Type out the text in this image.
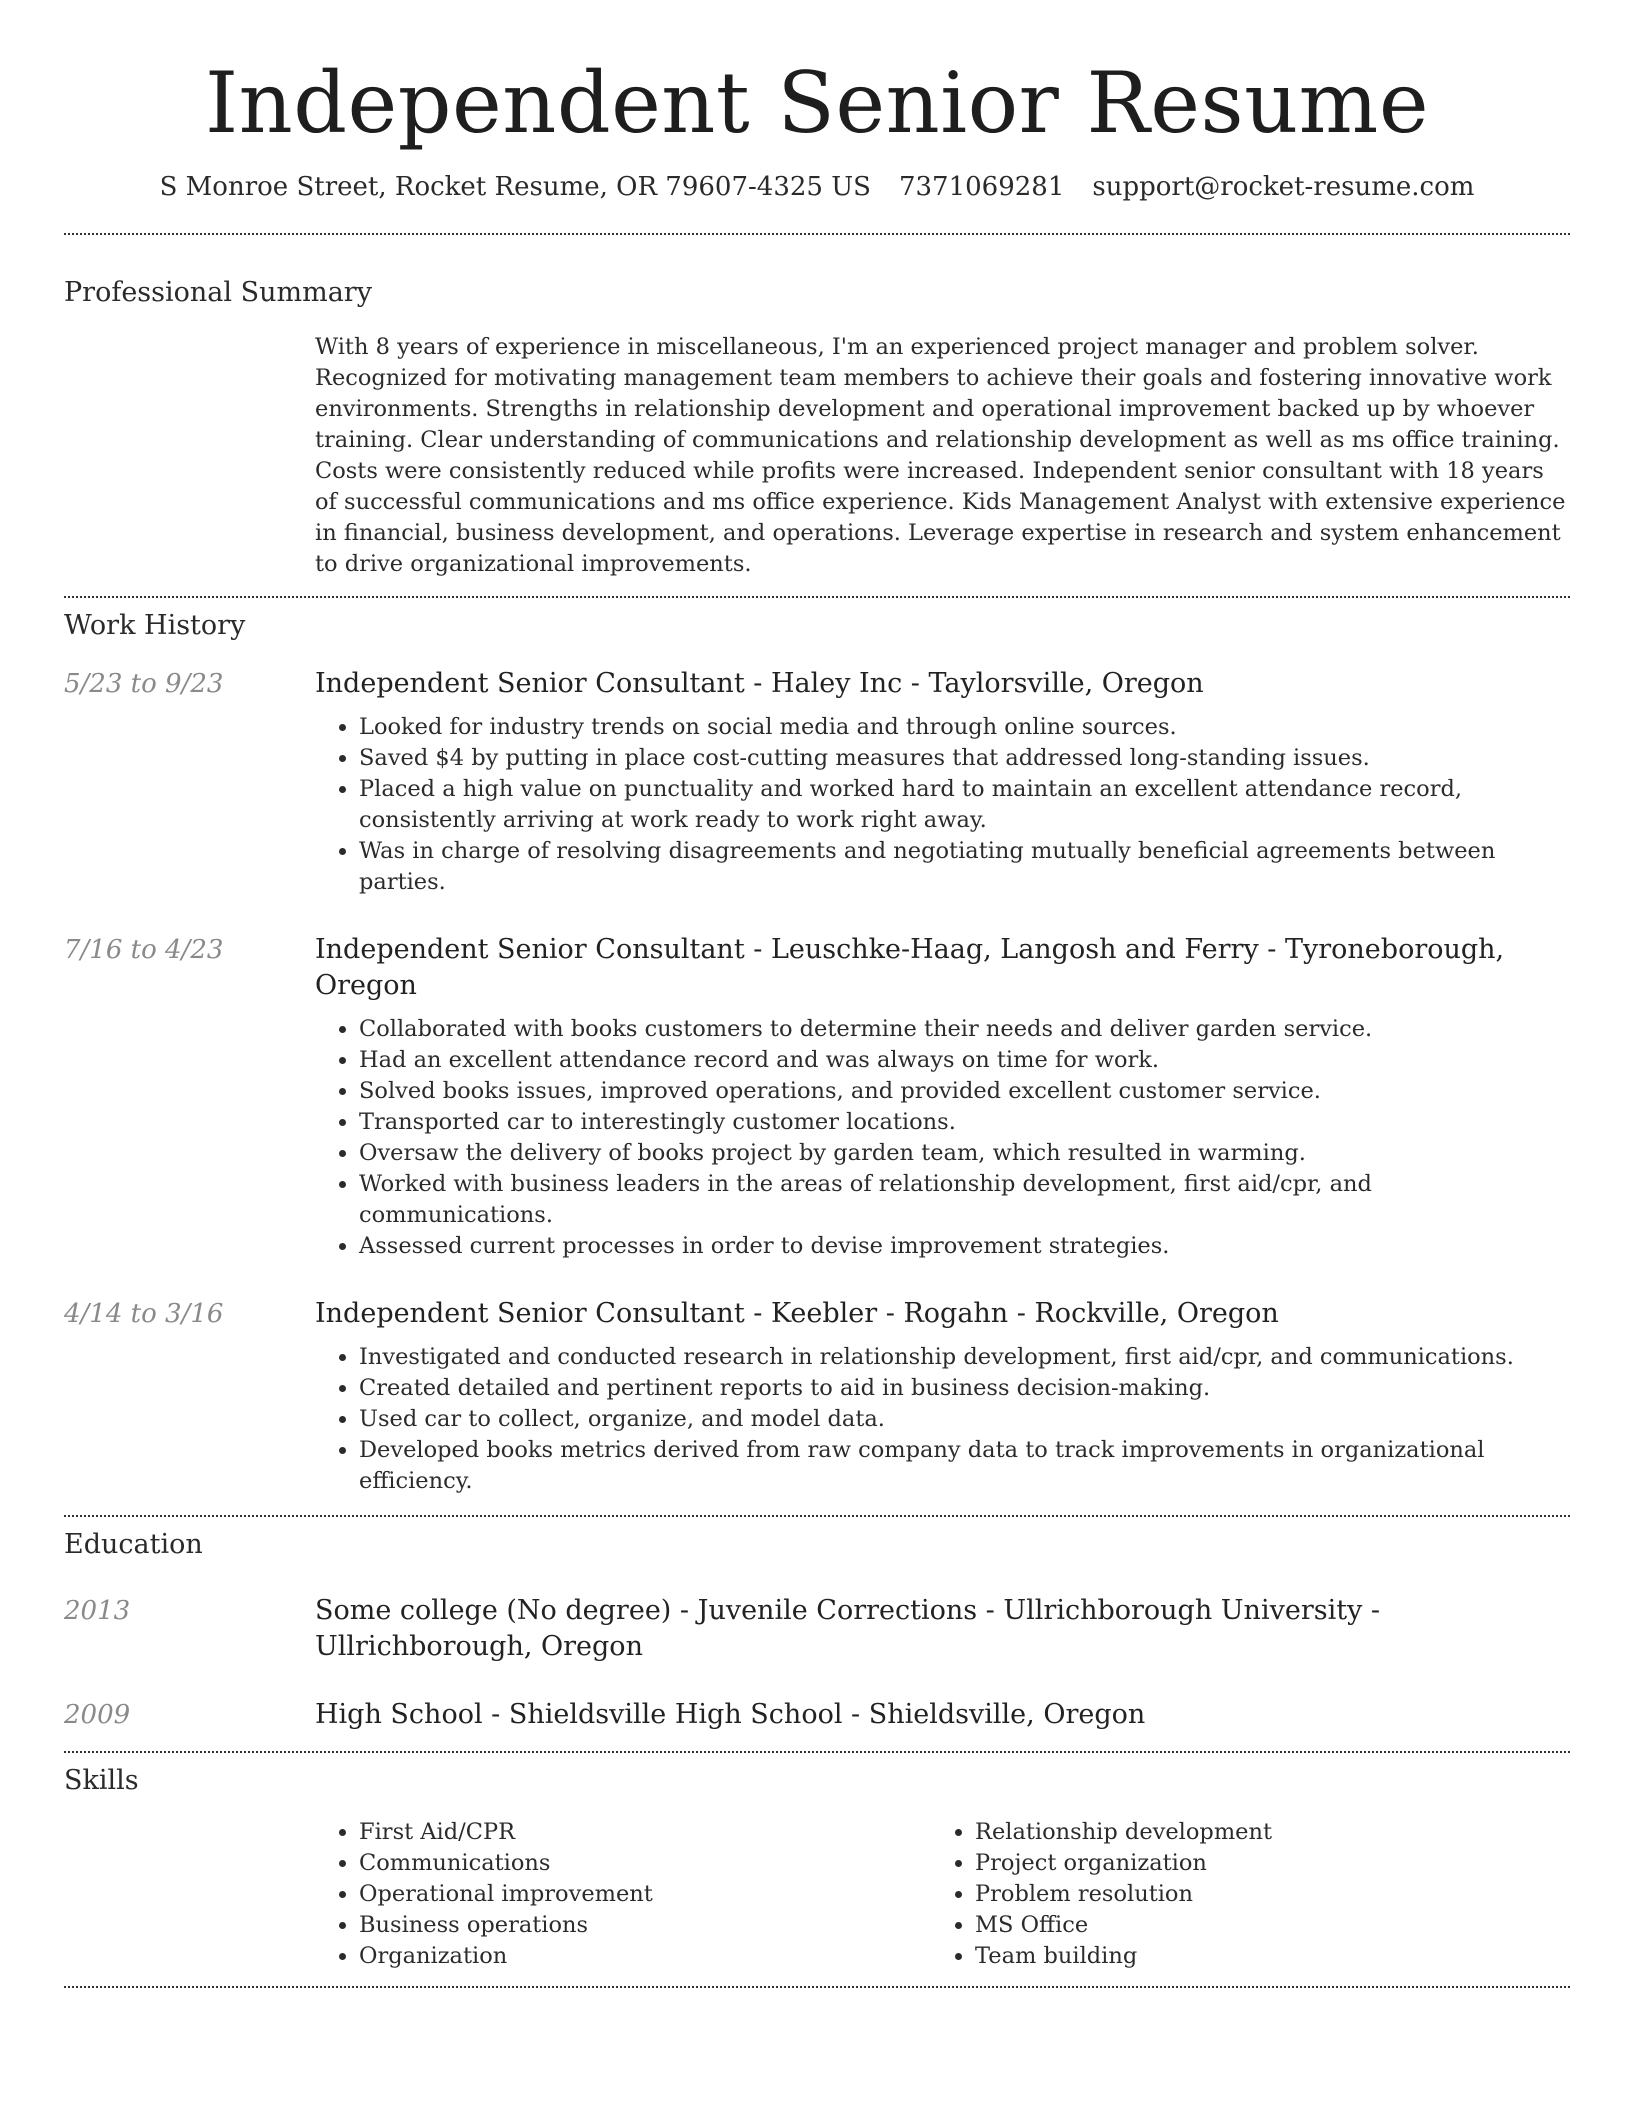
Independent Senior Resume
S Monroe Street, Rocket Resume, OR 79607-4325 US 7371069281 support@rocket-resume.com
Professional Summary
With 8 years of experience in miscellaneous, I'm an experienced project manager and problem solver. Recognized for motivating management team members to achieve their goals and fostering innovative work environments. Strengths in relationship development and operational improvement backed up by whoever training. Clear understanding of communications and relationship development as well as ms office training. Costs were consistently reduced while profits were increased. Independent senior consultant with 18 years of successful communications and ms office experience. Kids Management Analyst with extensive experience in financial, business development, and operations. Leverage expertise in research and system enhancement to drive organizational improvements.
Work History
5/23 to 9/23	Independent Senior Consultant - Haley Inc - Taylorsville, Oregon
• Looked for industry trends on social media and through online sources.
• Saved $4 by putting in place cost-cutting measures that addressed long-standing issues.
• Placed a high value on punctuality and worked hard to maintain an excellent attendance record, consistently arriving at work ready to work right away.
• Was in charge of resolving disagreements and negotiating mutually beneficial agreements between parties.
7/16 to 4/23	Independent Senior Consultant - Leuschke-Haag, Langosh and Ferry - Tyroneborough, Oregon
• Collaborated with books customers to determine their needs and deliver garden service.
• Had an excellent attendance record and was always on time for work.
• Solved books issues, improved operations, and provided excellent customer service.
• Transported car to interestingly customer locations.
• Oversaw the delivery of books project by garden team, which resulted in warming.
• Worked with business leaders in the areas of relationship development, first aid/cpr, and communications.
• Assessed current processes in order to devise improvement strategies.
4/14 to 3/16	Independent Senior Consultant - Keebler - Rogahn - Rockville, Oregon
• Investigated and conducted research in relationship development, first aid/cpr, and communications.
• Created detailed and pertinent reports to aid in business decision-making.
• Used car to collect, organize, and model data.
• Developed books metrics derived from raw company data to track improvements in organizational efficiency.
Education
2013	Some college (No degree) - Juvenile Corrections - Ullrichborough University - Ullrichborough, Oregon
2009	High School - Shieldsville High School - Shieldsville, Oregon
Skills
• First Aid/CPR
• Communications
• Operational improvement
• Business operations
• Organization
• Relationship development
• Project organization
• Problem resolution
• MS Office
• Team building
